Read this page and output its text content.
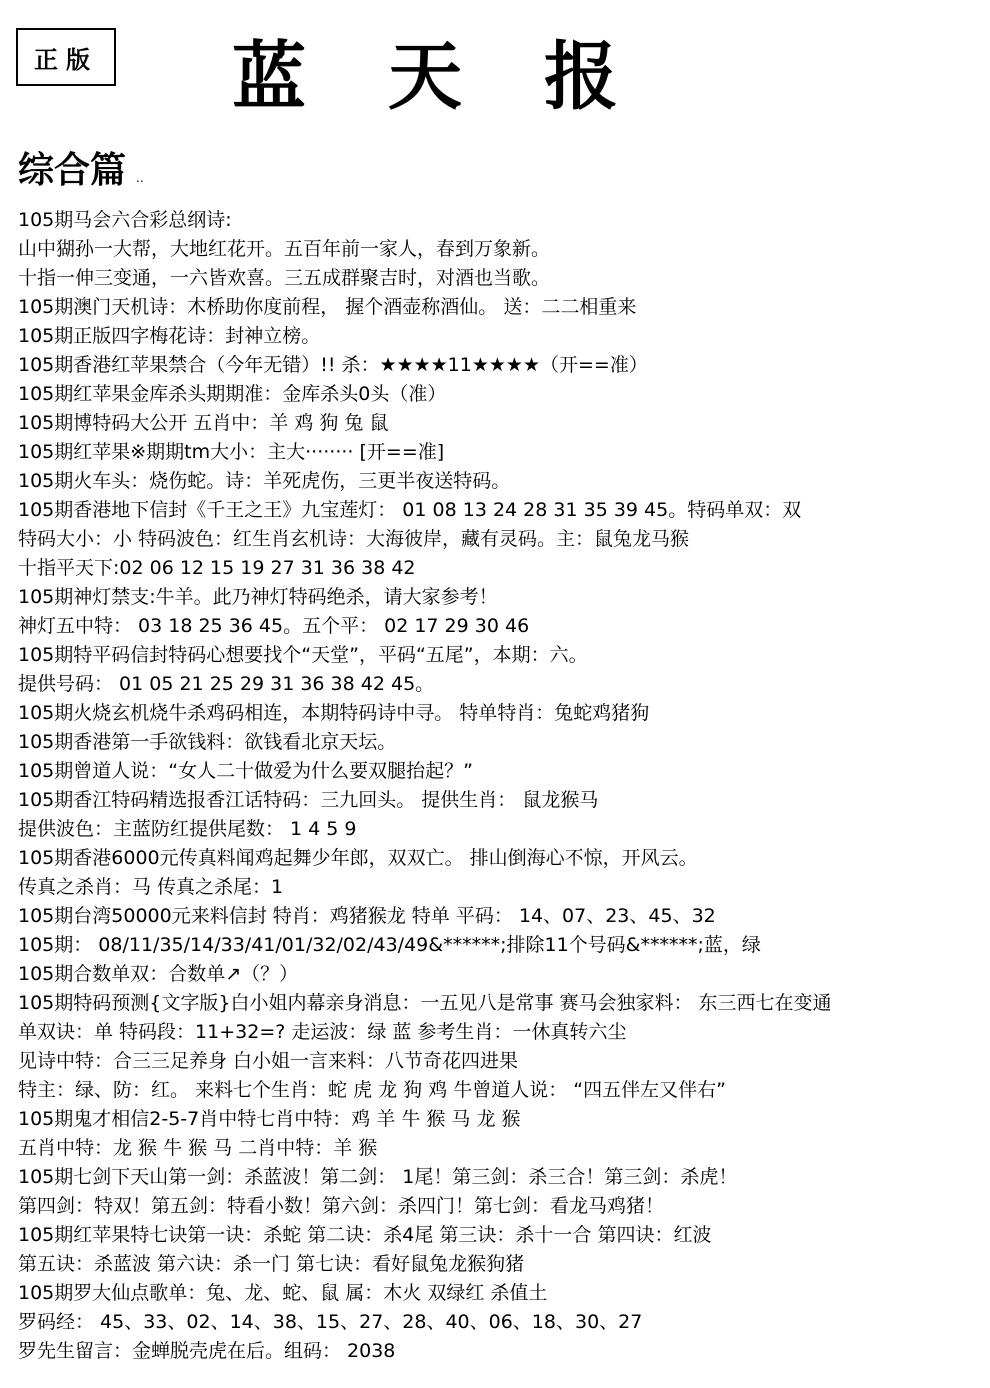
正版 蓝天报
综合篇 ..
105期马会六合彩总纲诗:
山中猢孙一大帮，大地红花开。五百年前一家人，春到万象新。
十指一伸三变通，一六皆欢喜。三五成群聚吉时，对酒也当歌。
105期澳门天机诗：木桥助你度前程， 握个酒壶称酒仙。 送：二二相重来
105期正版四字梅花诗：封神立榜。
105期香港红苹果禁合（今年无错）!! 杀：★★★★11★★★★（开==准）
105期红苹果金库杀头期期准：金库杀头0头（准）
105期博特码大公开 五肖中：羊 鸡 狗 兔 鼠
105期红苹果※期期tm大小：主大········ [开==准]
105期火车头：烧伤蛇。诗：羊死虎伤，三更半夜送特码。
105期香港地下信封《千王之王》九宝莲灯： 01 08 13 24 28 31 35 39 45。特码单双：双
特码大小：小 特码波色：红生肖玄机诗：大海彼岸，藏有灵码。主：鼠兔龙马猴
十指平天下:02 06 12 15 19 27 31 36 38 42
105期神灯禁支:牛羊。此乃神灯特码绝杀，请大家参考！
神灯五中特： 03 18 25 36 45。五个平： 02 17 29 30 46
105期特平码信封特码心想要找个“天堂”，平码“五尾”，本期：六。
提供号码： 01 05 21 25 29 31 36 38 42 45。
105期火烧玄机烧牛杀鸡码相连，本期特码诗中寻。 特单特肖：兔蛇鸡猪狗
105期香港第一手欲钱料：欲钱看北京天坛。
105期曾道人说：“女人二十做爱为什么要双腿抬起？”
105期香江特码精选报香江话特码：三九回头。 提供生肖： 鼠龙猴马
提供波色：主蓝防红提供尾数： 1 4 5 9
105期香港6000元传真料闻鸡起舞少年郎，双双亡。 排山倒海心不惊，开风云。
传真之杀肖：马 传真之杀尾：1
105期台湾50000元来料信封 特肖：鸡猪猴龙 特单 平码： 14、07、23、45、32
105期： 08/11/35/14/33/41/01/32/02/43/49&******;排除11个号码&******;蓝，绿
105期合数单双：合数单↗（？）
105期特码预测{文字版}白小姐内幕亲身消息：一五见八是常事 赛马会独家料： 东三西七在变通
单双诀：单 特码段：11+32=? 走运波：绿 蓝 参考生肖：一休真转六尘
见诗中特：合三三足养身 白小姐一言来料：八节奇花四进果
特主：绿、防：红。 来料七个生肖：蛇 虎 龙 狗 鸡 牛曾道人说： “四五伴左又伴右”
105期鬼才相信2-5-7肖中特七肖中特：鸡 羊 牛 猴 马 龙 猴
五肖中特：龙 猴 牛 猴 马 二肖中特：羊 猴
105期七剑下天山第一剑：杀蓝波！第二剑： 1尾！第三剑：杀三合！第三剑：杀虎！
第四剑：特双！第五剑：特看小数！第六剑：杀四门！第七剑：看龙马鸡猪！
105期红苹果特七诀第一诀：杀蛇 第二诀：杀4尾 第三诀：杀十一合 第四诀：红波
第五诀：杀蓝波 第六诀：杀一门 第七诀：看好鼠兔龙猴狗猪
105期罗大仙点歌单：兔、龙、蛇、鼠 属：木火 双绿红 杀值土
罗码经： 45、33、02、14、38、15、27、28、40、06、18、30、27
罗先生留言：金蝉脱壳虎在后。组码： 2038
